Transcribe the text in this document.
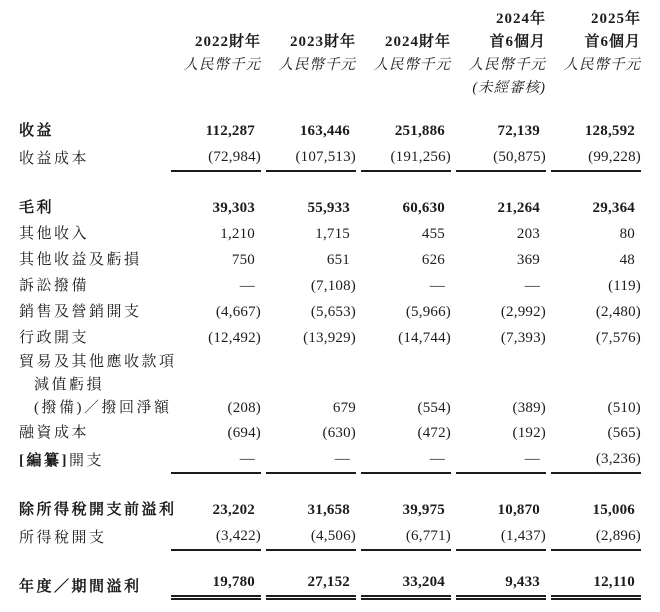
				2024年	2025年
	2022財年	2023財年	2024財年	首6個月	首6個月
	人民幣千元	人民幣千元	人民幣千元	人民幣千元	人民幣千元
				(未經審核)	

收益	112,287	163,446	251,886	72,139	128,592
收益成本	(72,984)	(107,513)	(191,256)	(50,875)	(99,228)

毛利	39,303	55,933	60,630	21,264	29,364
其他收入	1,210	1,715	455	203	80
其他收益及虧損	750	651	626	369	48
訴訟撥備	—	(7,108)	—	—	(119)
銷售及營銷開支	(4,667)	(5,653)	(5,966)	(2,992)	(2,480)
行政開支	(12,492)	(13,929)	(14,744)	(7,393)	(7,576)
貿易及其他應收款項					
減值虧損					
(撥備)／撥回淨額	(208)	679	(554)	(389)	(510)
融資成本	(694)	(630)	(472)	(192)	(565)
[編纂]開支	—	—	—	—	(3,236)

除所得稅開支前溢利	23,202	31,658	39,975	10,870	15,006
所得稅開支	(3,422)	(4,506)	(6,771)	(1,437)	(2,896)

年度／期間溢利	19,780	27,152	33,204	9,433	12,110
